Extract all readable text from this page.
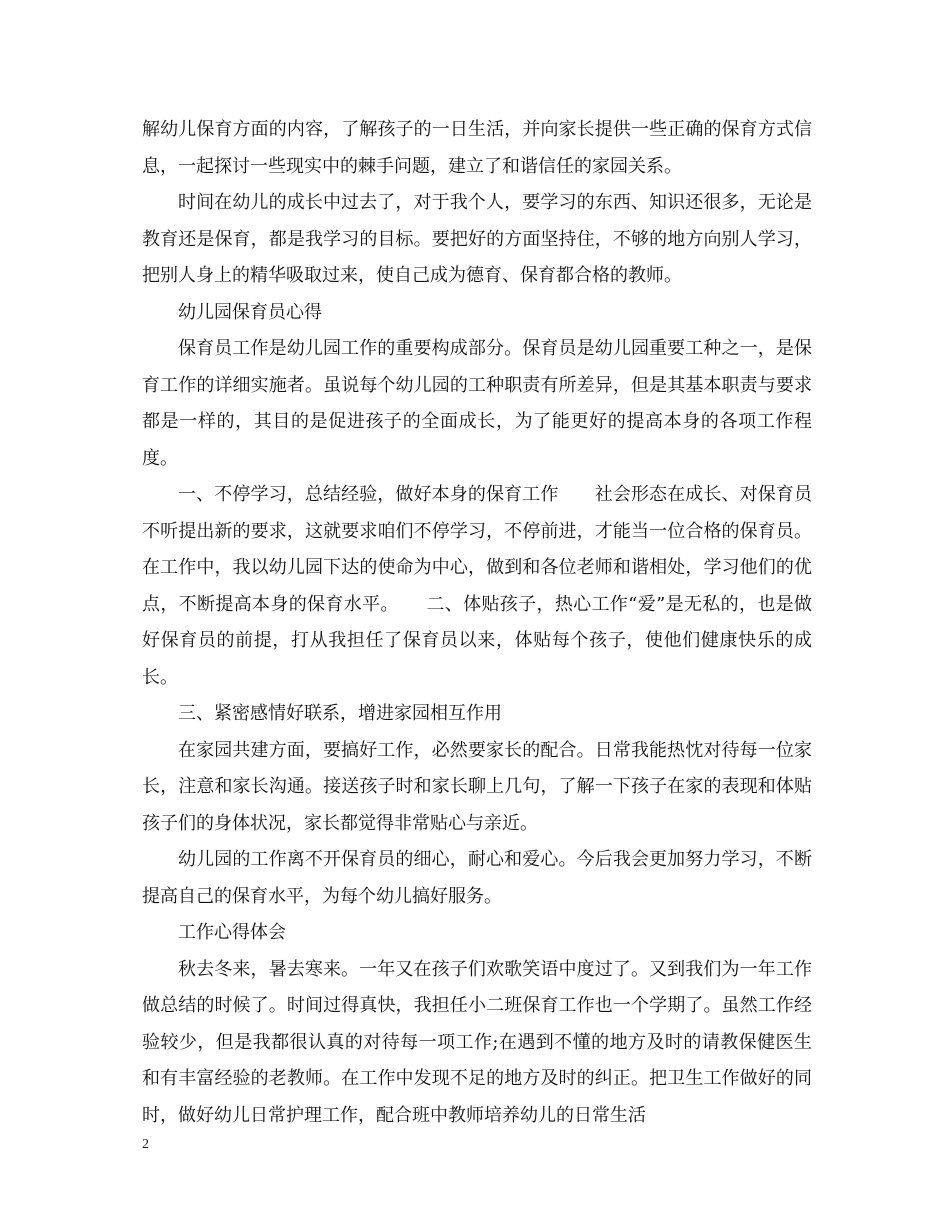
解幼儿保育方面的内容，了解孩子的一日生活，并向家长提供一些正确的保育方式信息，一起探讨一些现实中的棘手问题，建立了和谐信任的家园关系。

时间在幼儿的成长中过去了，对于我个人，要学习的东西、知识还很多，无论是教育还是保育，都是我学习的目标。要把好的方面坚持住，不够的地方向别人学习，把别人身上的精华吸取过来，使自己成为德育、保育都合格的教师。

幼儿园保育员心得

保育员工作是幼儿园工作的重要构成部分。保育员是幼儿园重要工种之一，是保育工作的详细实施者。虽说每个幼儿园的工种职责有所差异，但是其基本职责与要求都是一样的，其目的是促进孩子的全面成长，为了能更好的提高本身的各项工作程度。

一、不停学习，总结经验，做好本身的保育工作　　社会形态在成长、对保育员不听提出新的要求，这就要求咱们不停学习，不停前进，才能当一位合格的保育员。在工作中，我以幼儿园下达的使命为中心，做到和各位老师和谐相处，学习他们的优点，不断提高本身的保育水平。　　二、体贴孩子，热心工作“爱”是无私的，也是做好保育员的前提，打从我担任了保育员以来，体贴每个孩子，使他们健康快乐的成长。

三、紧密感情好联系，增进家园相互作用

在家园共建方面，要搞好工作，必然要家长的配合。日常我能热忱对待每一位家长，注意和家长沟通。接送孩子时和家长聊上几句，了解一下孩子在家的表现和体贴孩子们的身体状况，家长都觉得非常贴心与亲近。

幼儿园的工作离不开保育员的细心，耐心和爱心。今后我会更加努力学习，不断提高自己的保育水平，为每个幼儿搞好服务。

工作心得体会

秋去冬来，暑去寒来。一年又在孩子们欢歌笑语中度过了。又到我们为一年工作做总结的时候了。时间过得真快，我担任小二班保育工作也一个学期了。虽然工作经验较少，但是我都很认真的对待每一项工作;在遇到不懂的地方及时的请教保健医生和有丰富经验的老教师。在工作中发现不足的地方及时的纠正。把卫生工作做好的同时，做好幼儿日常护理工作，配合班中教师培养幼儿的日常生活

2
